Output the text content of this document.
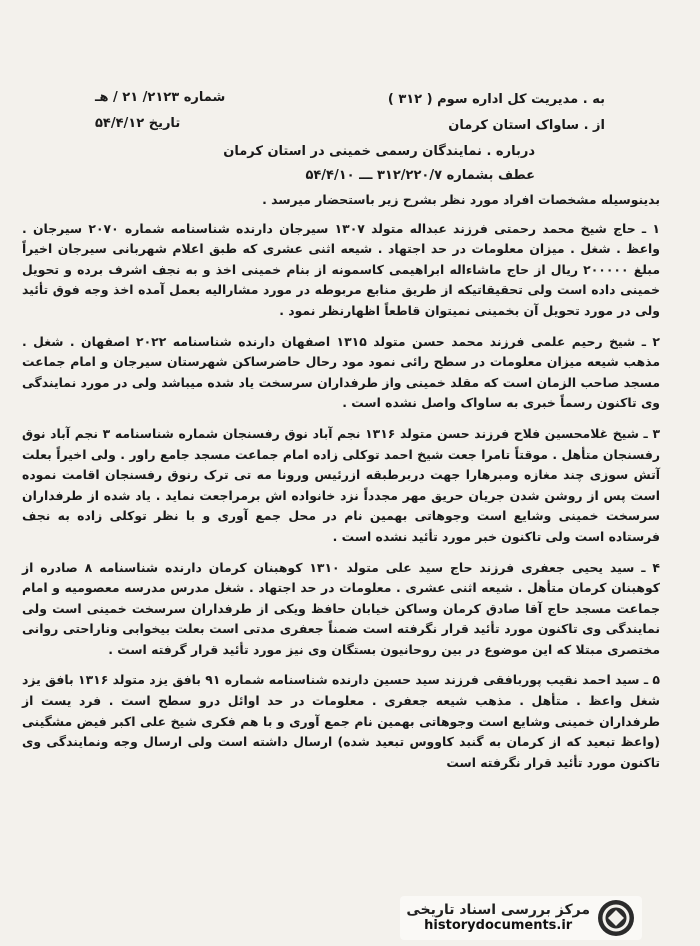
به . مدیریت کل اداره سوم ( ۳۱۲ )
از . ساواک استان کرمان
درباره . نمایندگان رسمی خمینی در استان کرمان
عطف بشماره ۳۱۲/۲۲۰/۷ ـــ ۵۴/۴/۱۰
شماره ۲۱۲۳/ ۲۱ / هـ
تاریخ ۵۴/۴/۱۲

بدینوسیله مشخصات افراد مورد نظر بشرح زیر باستحضار میرسد .

۱ ـ حاج شیخ محمد رحمتی فرزند عبداله متولد ۱۳۰۷ سیرجان دارنده شناسنامه شماره ۲۰۷۰ سیرجان . واعظ . شغل . میزان معلومات در حد اجتهاد . شیعه اثنی عشری که طبق اعلام شهربانی سیرجان اخیراً مبلغ ۲۰۰۰۰۰ ریال از حاج ماشاءاله ابراهیمی کاسمونه از بنام خمینی اخذ و به نجف اشرف برده و تحویل خمینی داده است ولی تحقیقاتیکه از طریق منابع مربوطه در مورد مشارالیه بعمل آمده اخذ وجه فوق تأئید ولی در مورد تحویل آن بخمینی نمیتوان قاطعاً اظهارنظر نمود .

۲ ـ شیخ رحیم علمی فرزند محمد حسن متولد ۱۳۱۵ اصفهان دارنده شناسنامه ۲۰۲۲ اصفهان . شغل . مذهب شیعه میزان معلومات در سطح رائی نمود مود رحال حاضرساکن شهرستان سیرجان و امام جماعت مسجد صاحب الزمان است که مقلد خمینی واز طرفداران سرسخت یاد شده میباشد ولی در مورد نمایندگی وی تاکنون رسماً خبری به ساواک واصل نشده است .

۳ ـ شیخ غلامحسین فلاح فرزند حسن متولد ۱۳۱۶ نجم آباد نوق رفسنجان شماره شناسنامه ۳ نجم آباد نوق رفسنجان متأهل . موقتاً تامرا جعت شیخ احمد توکلی زاده امام جماعت مسجد جامع راور . ولی اخیراً بعلت آتش سوزی چند مغازه ومبرهارا جهت دربرطبقه ازرئیس ورونا مه تی ترک رنوق رفسنجان اقامت نموده است پس از روشن شدن جریان حریق مهر مجدداً نزد خانواده اش برمراجعت نماید . یاد شده از طرفداران سرسخت خمینی وشایع است وجوهاتی بهمین نام در محل جمع آوری و با نظر توکلی زاده به نجف فرستاده است ولی تاکنون خبر مورد تأئید نشده است .

۴ ـ سید یحیی جعفری فرزند حاج سید علی متولد ۱۳۱۰ کوهبنان کرمان دارنده شناسنامه ۸ صادره از کوهبنان کرمان متأهل . شیعه اثنی عشری . معلومات در حد اجتهاد . شغل مدرس مدرسه معصومیه و امام جماعت مسجد حاج آقا صادق کرمان وساکن خیابان حافظ ویکی از طرفداران سرسخت خمینی است ولی نمایندگی وی تاکنون مورد تأئید قرار نگرفته است ضمناً جعفری مدتی است بعلت بیخوابی وناراحتی روانی مختصری مبتلا که این موضوع در بین روحانیون بستگان وی نیز مورد تأئید قرار گرفته است .

۵ ـ سید احمد نقیب پوربافقی فرزند سید حسین دارنده شناسنامه شماره ۹۱ بافق یزد متولد ۱۳۱۶ بافق یزد شغل واعظ . متأهل . مذهب شیعه جعفری . معلومات در حد اوائل درو سطح است . فرد یست از طرفداران خمینی وشایع است وجوهاتی بهمین نام جمع آوری و با هم فکری شیخ علی اکبر فیض مشگینی (واعظ تبعید که از کرمان به گنبد کاووس تبعید شده) ارسال داشته است ولی ارسال وجه ونمایندگی وی تاکنون مورد تأئید قرار نگرفته است

مرکز بررسی اسناد تاریخی
historydocuments.ir
